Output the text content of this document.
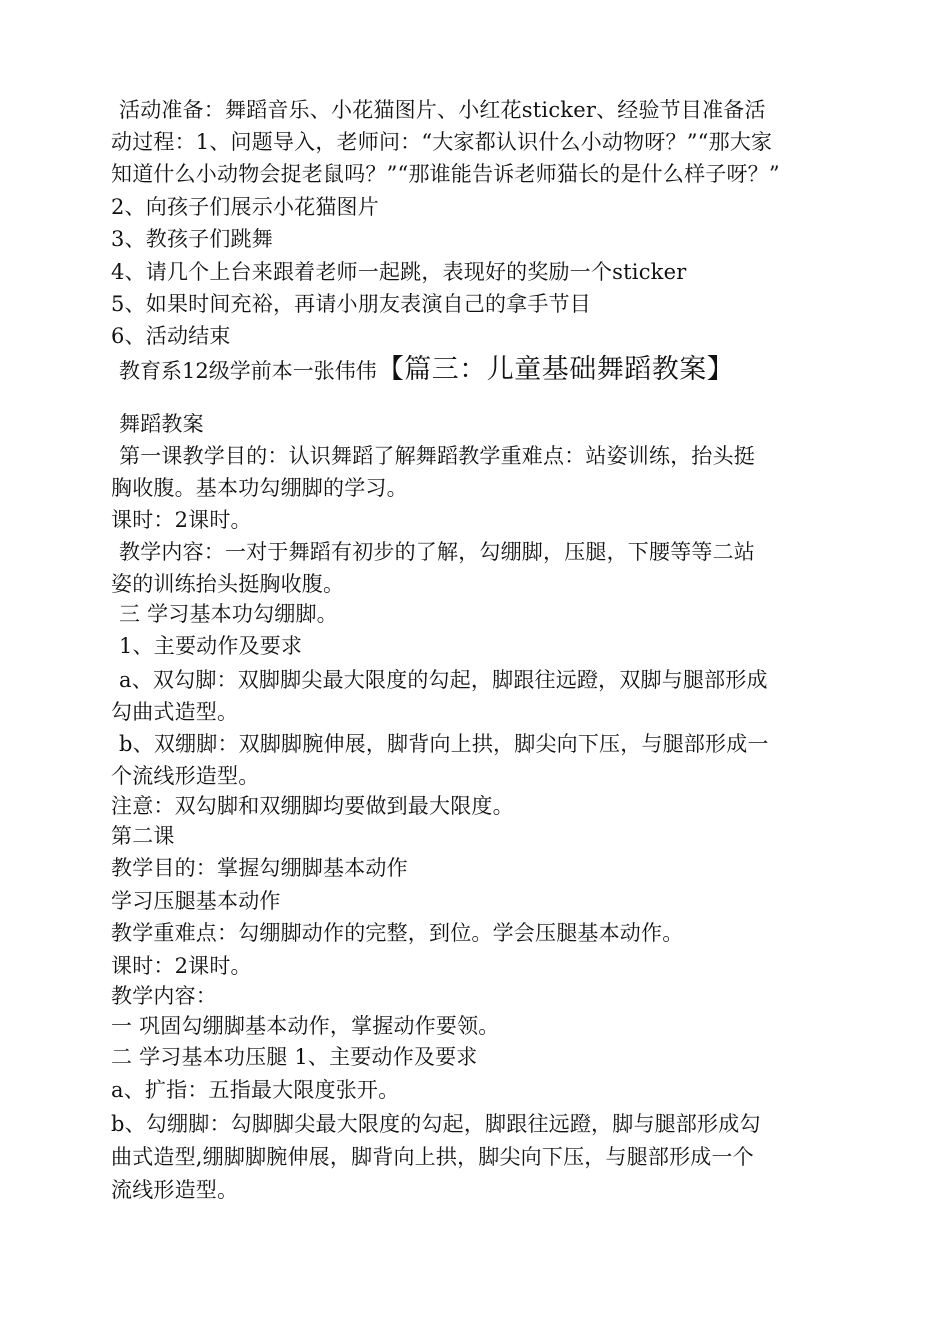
活动准备：舞蹈音乐、小花猫图片、小红花sticker、经验节目准备活
动过程：1、问题导入，老师问：“大家都认识什么小动物呀？”“那大家
知道什么小动物会捉老鼠吗？”“那谁能告诉老师猫长的是什么样子呀？”
2、向孩子们展示小花猫图片
3、教孩子们跳舞
4、请几个上台来跟着老师一起跳，表现好的奖励一个sticker
5、如果时间充裕，再请小朋友表演自己的拿手节目
6、活动结束
教育系12级学前本一张伟伟【篇三：儿童基础舞蹈教案】
舞蹈教案
第一课教学目的：认识舞蹈了解舞蹈教学重难点：站姿训练，抬头挺
胸收腹。基本功勾绷脚的学习。
课时：2课时。
教学内容：一对于舞蹈有初步的了解，勾绷脚，压腿，下腰等等二站
姿的训练抬头挺胸收腹。
三 学习基本功勾绷脚。
1、主要动作及要求
a、双勾脚：双脚脚尖最大限度的勾起，脚跟往远蹬，双脚与腿部形成
勾曲式造型。
b、双绷脚：双脚脚腕伸展，脚背向上拱，脚尖向下压，与腿部形成一
个流线形造型。
注意：双勾脚和双绷脚均要做到最大限度。
第二课
教学目的：掌握勾绷脚基本动作
学习压腿基本动作
教学重难点：勾绷脚动作的完整，到位。学会压腿基本动作。
课时：2课时。
教学内容：
一 巩固勾绷脚基本动作，掌握动作要领。
二 学习基本功压腿 1、主要动作及要求
a、扩指：五指最大限度张开。
b、勾绷脚：勾脚脚尖最大限度的勾起，脚跟往远蹬，脚与腿部形成勾
曲式造型,绷脚脚腕伸展，脚背向上拱，脚尖向下压，与腿部形成一个
流线形造型。
